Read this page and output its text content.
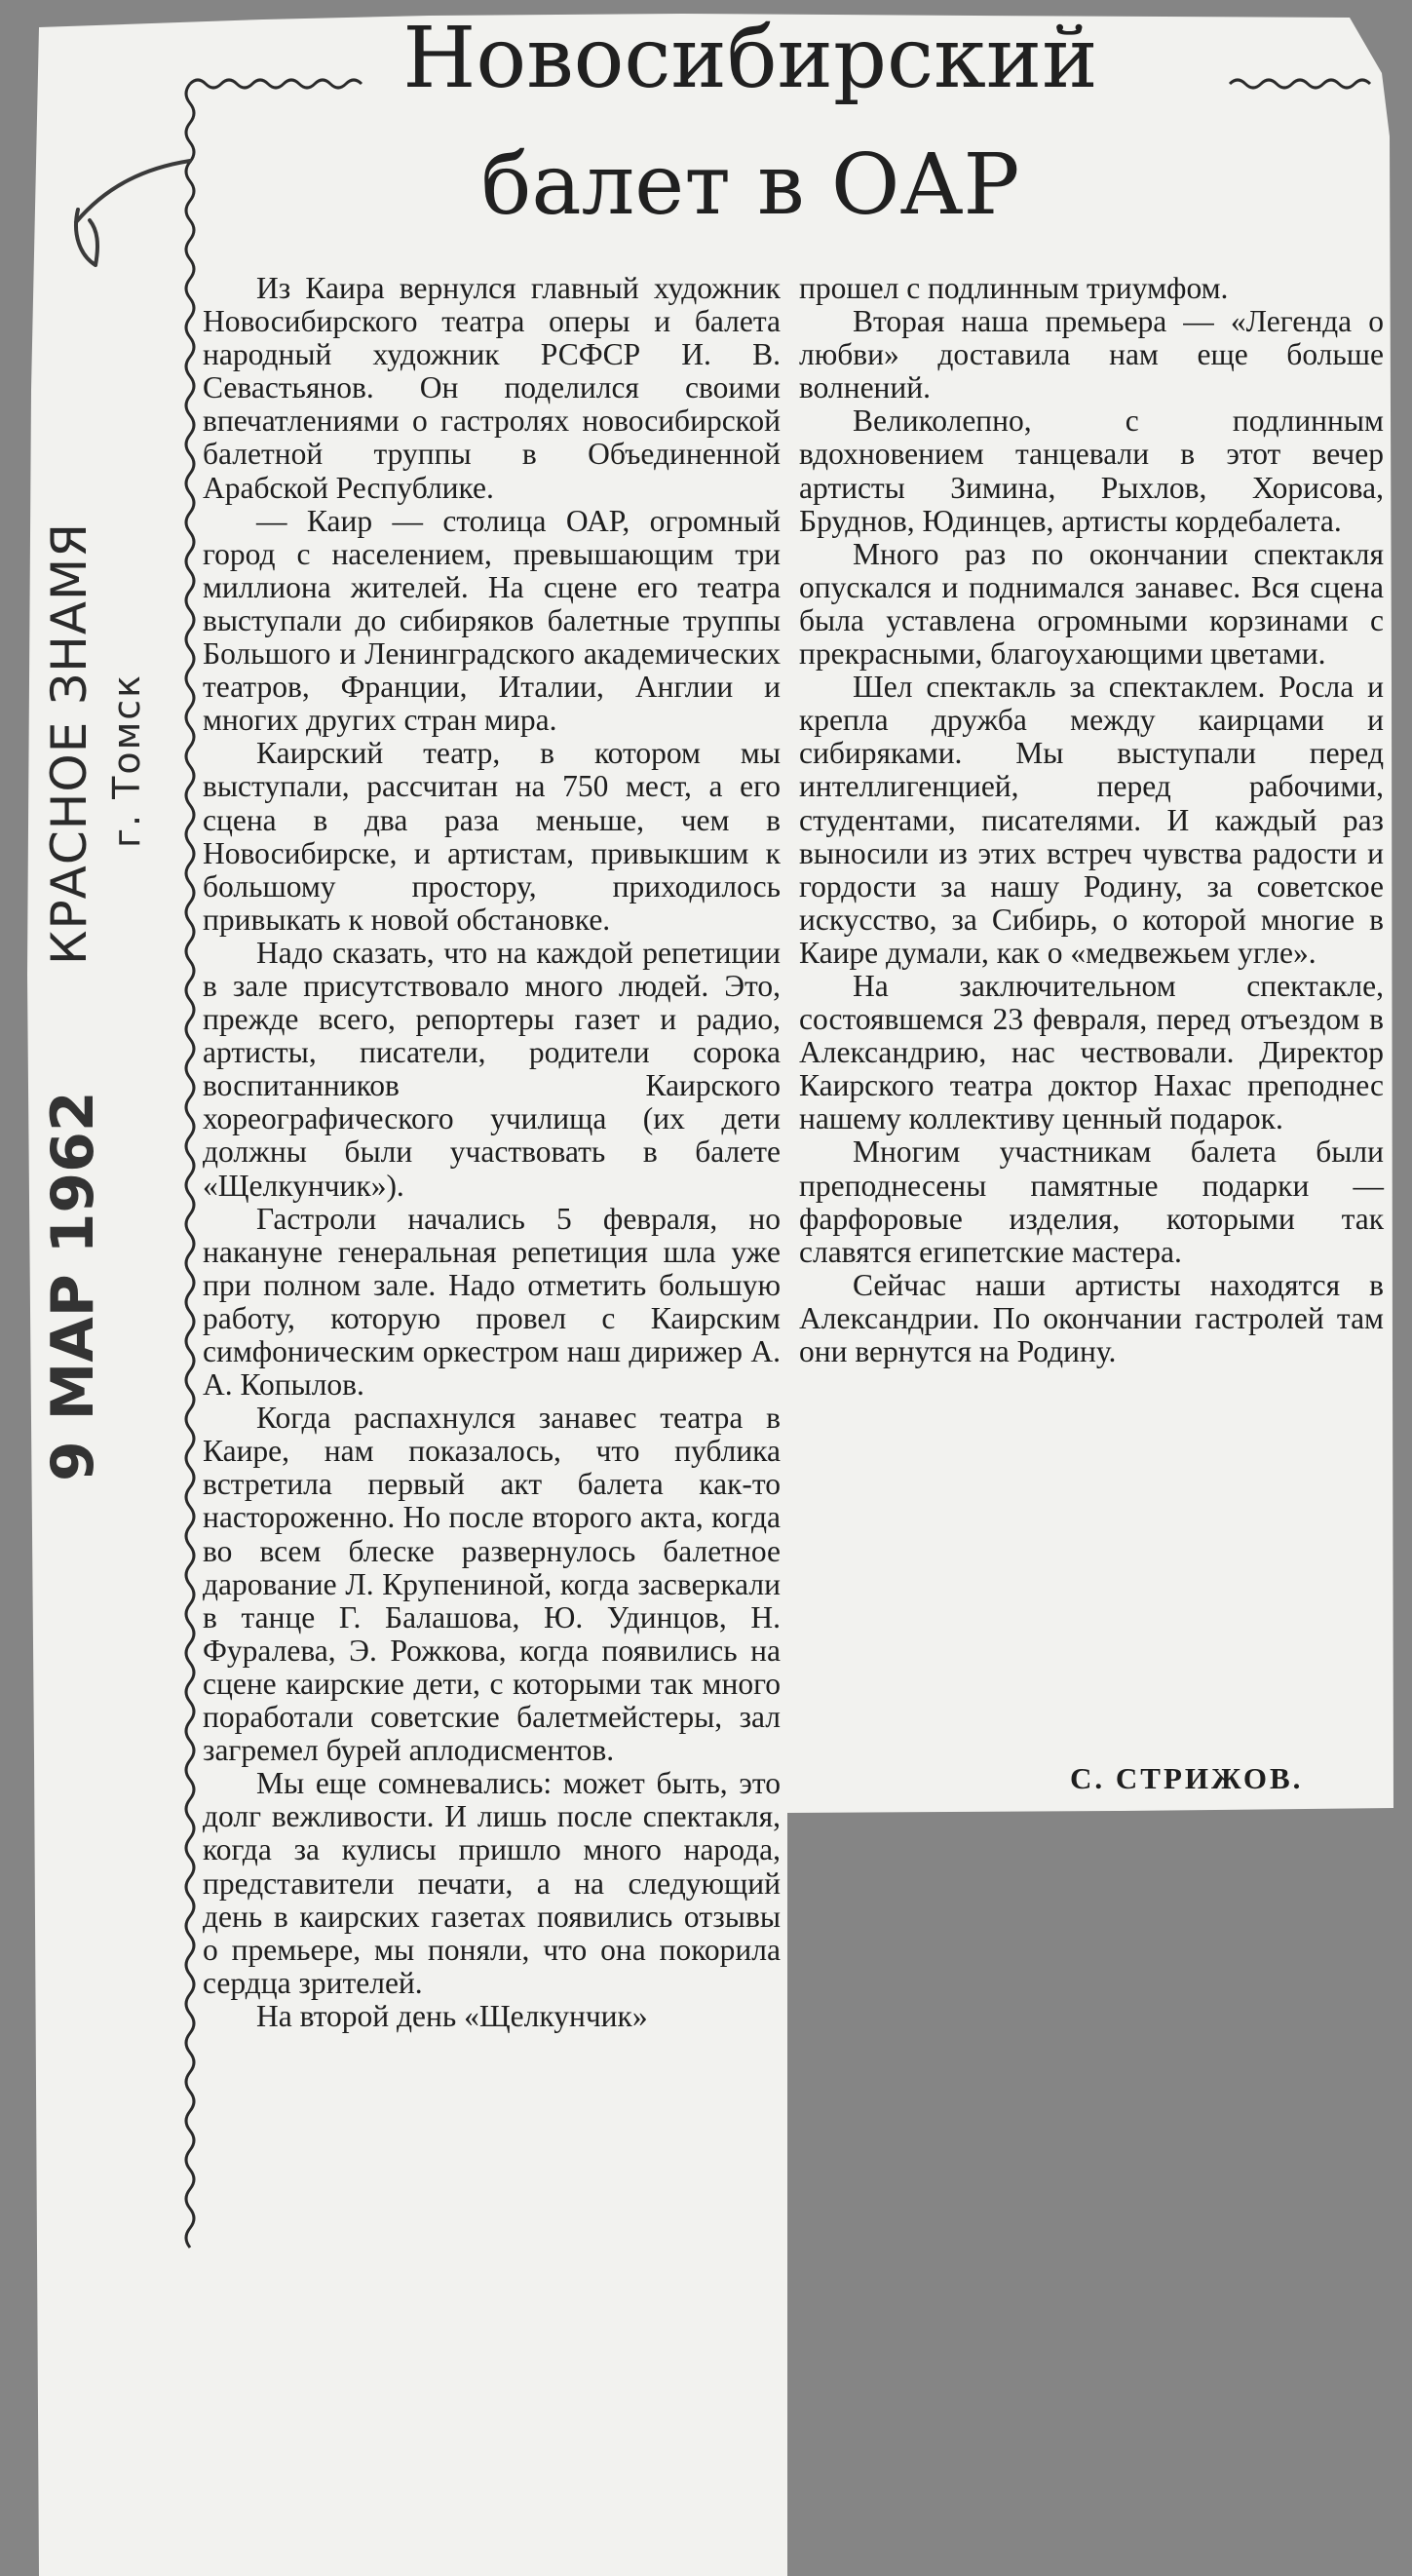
Новосибирский
балет в ОАР
КРАСНОЕ ЗНАМЯ г. Томск
9 МАР 1962

Из Каира вернулся главный художник Новосибирского театра оперы и балета народный художник РСФСР И. В. Севастьянов. Он поделился своими впечатлениями о гастролях новосибирской балетной труппы в Объединенной Арабской Республике.

— Каир — столица ОАР, огромный город с населением, превышающим три миллиона жителей. На сцене его театра выступали до сибиряков балетные труппы Большого и Ленинградского академических театров, Франции, Италии, Англии и многих других стран мира.

Каирский театр, в котором мы выступали, рассчитан на 750 мест, а его сцена в два раза меньше, чем в Новосибирске, и артистам, привыкшим к большому простору, приходилось привыкать к новой обстановке.

Надо сказать, что на каждой репетиции в зале присутствовало много людей. Это, прежде всего, репортеры газет и радио, артисты, писатели, родители сорока воспитанников Каирского хореографического училища (их дети должны были участвовать в балете «Щелкунчик»).

Гастроли начались 5 февраля, но накануне генеральная репетиция шла уже при полном зале. Надо отметить большую работу, которую провел с Каирским симфоническим оркестром наш дирижер А. А. Копылов.

Когда распахнулся занавес театра в Каире, нам показалось, что публика встретила первый акт балета как-то настороженно. Но после второго акта, когда во всем блеске развернулось балетное дарование Л. Крупениной, когда засверкали в танце Г. Балашова, Ю. Удинцов, Н. Фуралева, Э. Рожкова, когда появились на сцене каирские дети, с которыми так много поработали советские балетмейстеры, зал загремел бурей аплодисментов.

Мы еще сомневались: может быть, это долг вежливости. И лишь после спектакля, когда за кулисы пришло много народа, представители печати, а на следующий день в каирских газетах появились отзывы о премьере, мы поняли, что она покорила сердца зрителей.

На второй день «Щелкунчик»

прошел с подлинным триумфом.

Вторая наша премьера — «Легенда о любви» доставила нам еще больше волнений.

Великолепно, с подлинным вдохновением танцевали в этот вечер артисты Зимина, Рыхлов, Хорисова, Бруднов, Юдинцев, артисты кордебалета.

Много раз по окончании спектакля опускался и поднимался занавес. Вся сцена была уставлена огромными корзинами с прекрасными, благоухающими цветами.

Шел спектакль за спектаклем. Росла и крепла дружба между каирцами и сибиряками. Мы выступали перед интеллигенцией, перед рабочими, студентами, писателями. И каждый раз выносили из этих встреч чувства радости и гордости за нашу Родину, за советское искусство, за Сибирь, о которой многие в Каире думали, как о «медвежьем угле».

На заключительном спектакле, состоявшемся 23 февраля, перед отъездом в Александрию, нас чествовали. Директор Каирского театра доктор Нахас преподнес нашему коллективу ценный подарок.

Многим участникам балета были преподнесены памятные подарки — фарфоровые изделия, которыми так славятся египетские мастера.

Сейчас наши артисты находятся в Александрии. По окончании гастролей там они вернутся на Родину.

С. СТРИЖОВ.
